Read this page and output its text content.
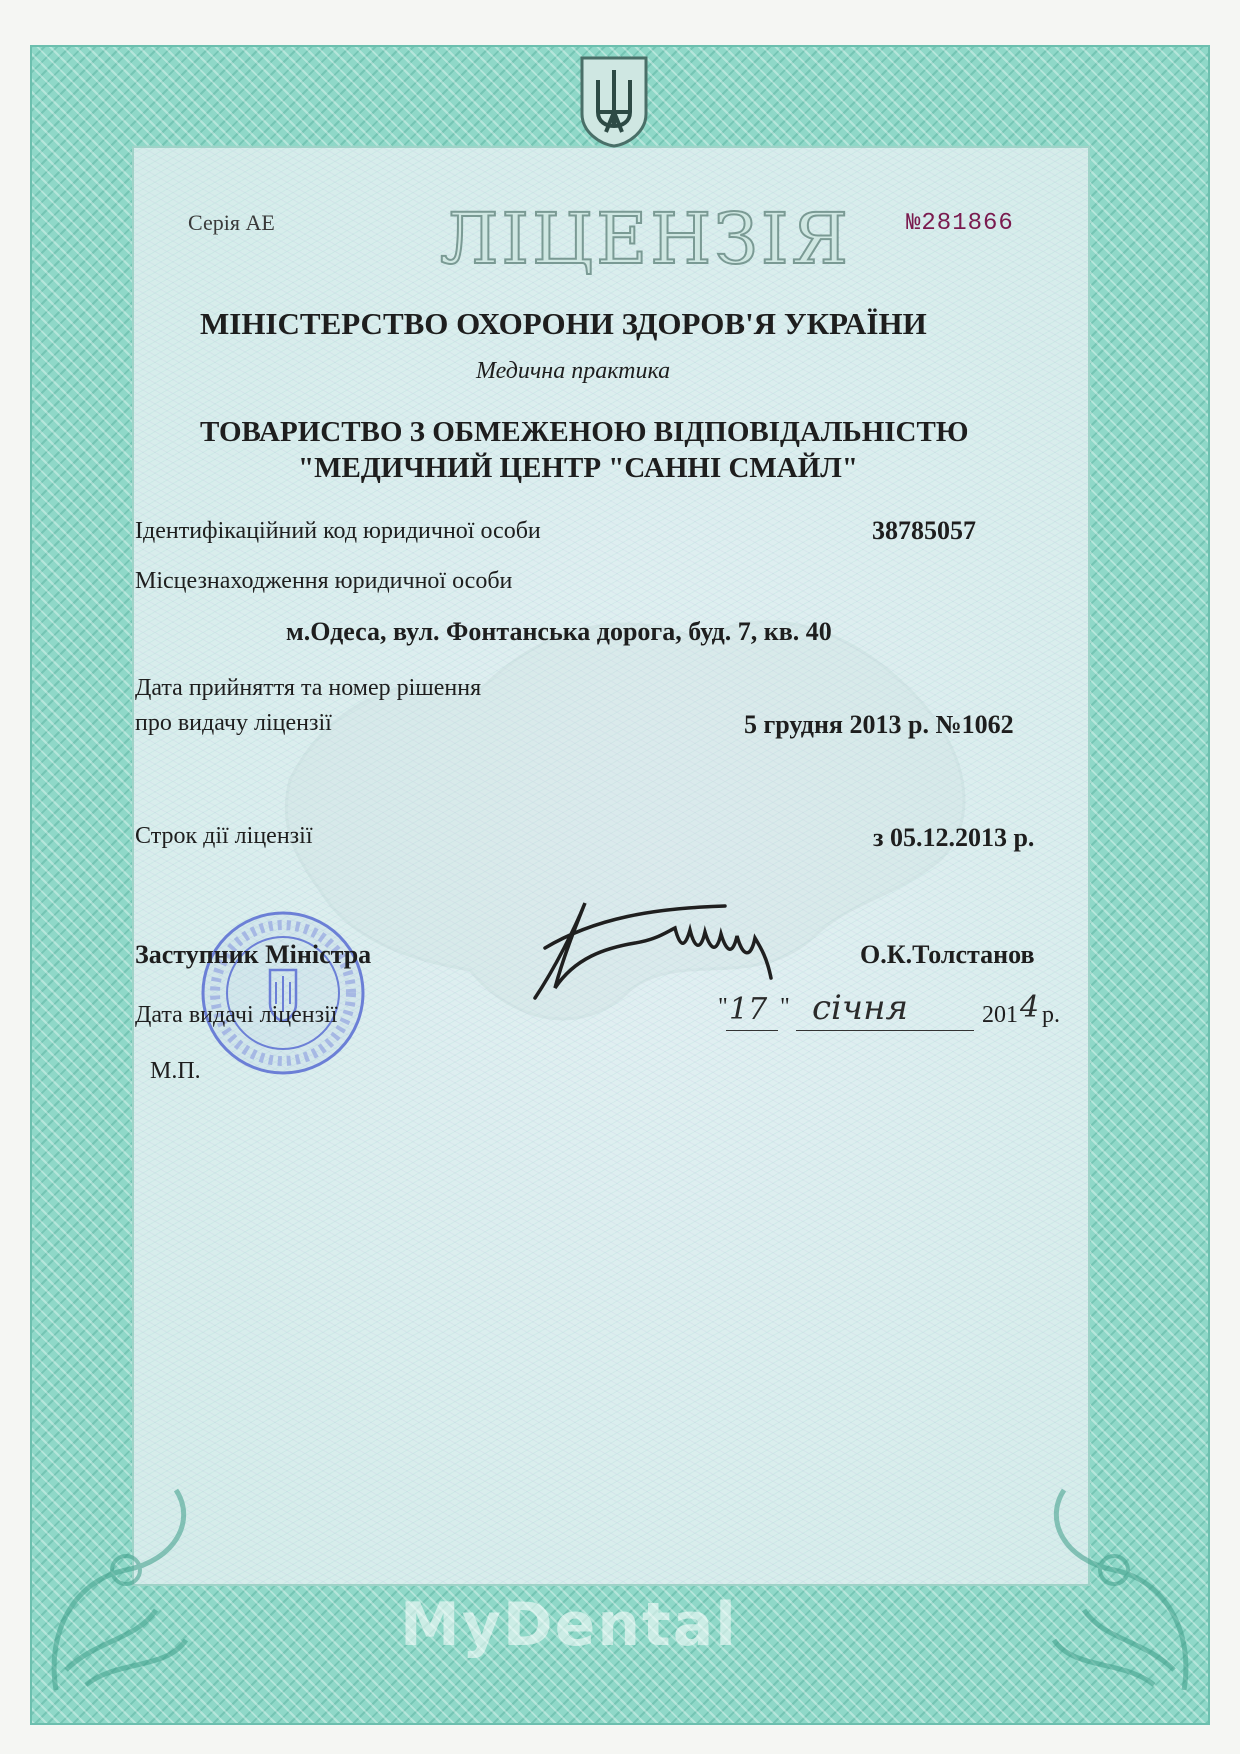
Серія АЕ ЛІЦЕНЗІЯ №281866
МІНІСТЕРСТВО ОХОРОНИ ЗДОРОВ'Я УКРАЇНИ
Медична практика
ТОВАРИСТВО З ОБМЕЖЕНОЮ ВІДПОВІДАЛЬНІСТЮ
"МЕДИЧНИЙ ЦЕНТР "САННІ СМАЙЛ"
Ідентифікаційний код юридичної особи	38785057
Місцезнаходження юридичної особи
м.Одеса, вул. Фонтанська дорога, буд. 7, кв. 40
Дата прийняття та номер рішення
про видачу ліцензії	5 грудня 2013 р. №1062
Строк дії ліцензії	з 05.12.2013 р.
Заступник Міністра	О.К.Толстанов
Дата видачі ліцензії
М.П.
" 17 " січня	201 4 р.
MyDental
